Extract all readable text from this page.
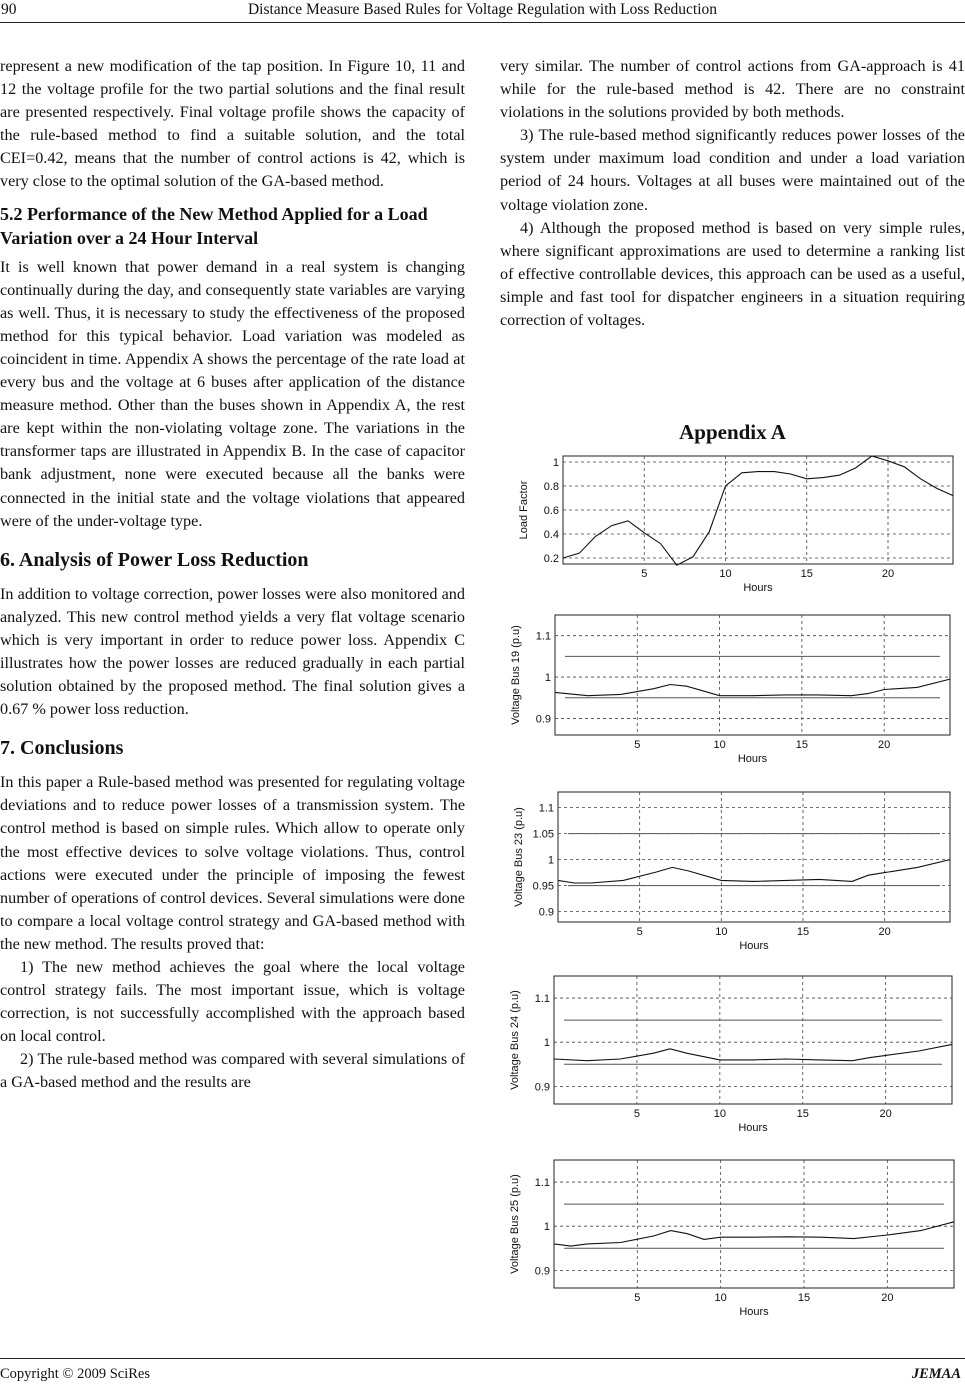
90	Distance Measure Based Rules for Voltage Regulation with Loss Reduction

represent a new modification of the tap position. In Figure 10, 11 and 12 the voltage profile for the two partial solutions and the final result are presented respectively. Final voltage profile shows the capacity of the rule-based method to find a suitable solution, and the total CEI=0.42, means that the number of control actions is 42, which is very close to the optimal solution of the GA-based method.

5.2 Performance of the New Method Applied for a Load Variation over a 24 Hour Interval

It is well known that power demand in a real system is changing continually during the day, and consequently state variables are varying as well. Thus, it is necessary to study the effectiveness of the proposed method for this typical behavior. Load variation was modeled as coincident in time. Appendix A shows the percentage of the rate load at every bus and the voltage at 6 buses after application of the distance measure method. Other than the buses shown in Appendix A, the rest are kept within the non-violating voltage zone. The variations in the transformer taps are illustrated in Appendix B. In the case of capacitor bank adjustment, none were executed because all the banks were connected in the initial state and the voltage violations that appeared were of the under-voltage type.

6. Analysis of Power Loss Reduction

In addition to voltage correction, power losses were also monitored and analyzed. This new control method yields a very flat voltage scenario which is very important in order to reduce power loss. Appendix C illustrates how the power losses are reduced gradually in each partial solution obtained by the proposed method. The final solution gives a 0.67 % power loss reduction.

7. Conclusions

In this paper a Rule-based method was presented for regulating voltage deviations and to reduce power losses of a transmission system. The control method is based on simple rules. Which allow to operate only the most effective devices to solve voltage violations. Thus, control actions were executed under the principle of imposing the fewest number of operations of control devices. Several simulations were done to compare a local voltage control strategy and GA-based method with the new method. The results proved that:

1) The new method achieves the goal where the local voltage control strategy fails. The most important issue, which is voltage correction, is not successfully accomplished with the approach based on local control.

2) The rule-based method was compared with several simulations of a GA-based method and the results are

very similar. The number of control actions from GA-approach is 41 while for the rule-based method is 42. There are no constraint violations in the solutions provided by both methods.

3) The rule-based method significantly reduces power losses of the system under maximum load condition and under a load variation period of 24 hours. Voltages at all buses were maintained out of the voltage violation zone.

4) Although the proposed method is based on very simple rules, where significant approximations are used to determine a ranking list of effective controllable devices, this approach can be used as a useful, simple and fast tool for dispatcher engineers in a situation requiring correction of voltages.

Appendix A
5	10	15	20
0.2
0.4
0.6
0.8
1
Hours
Load Factor
5	10	15	20
0.9
1
1.1
Hours
Voltage Bus 19 (p.u)
5	10	15	20
0.9
0.95
1
1.05
1.1
Hours
Voltage Bus 23 (p.u)
5	10	15	20
0.9
1
1.1
Hours
Voltage Bus 24 (p.u)
5	10	15	20
0.9
1
1.1
Hours
Voltage Bus 25 (p.u)
Copyright © 2009 SciRes	JEMAA
